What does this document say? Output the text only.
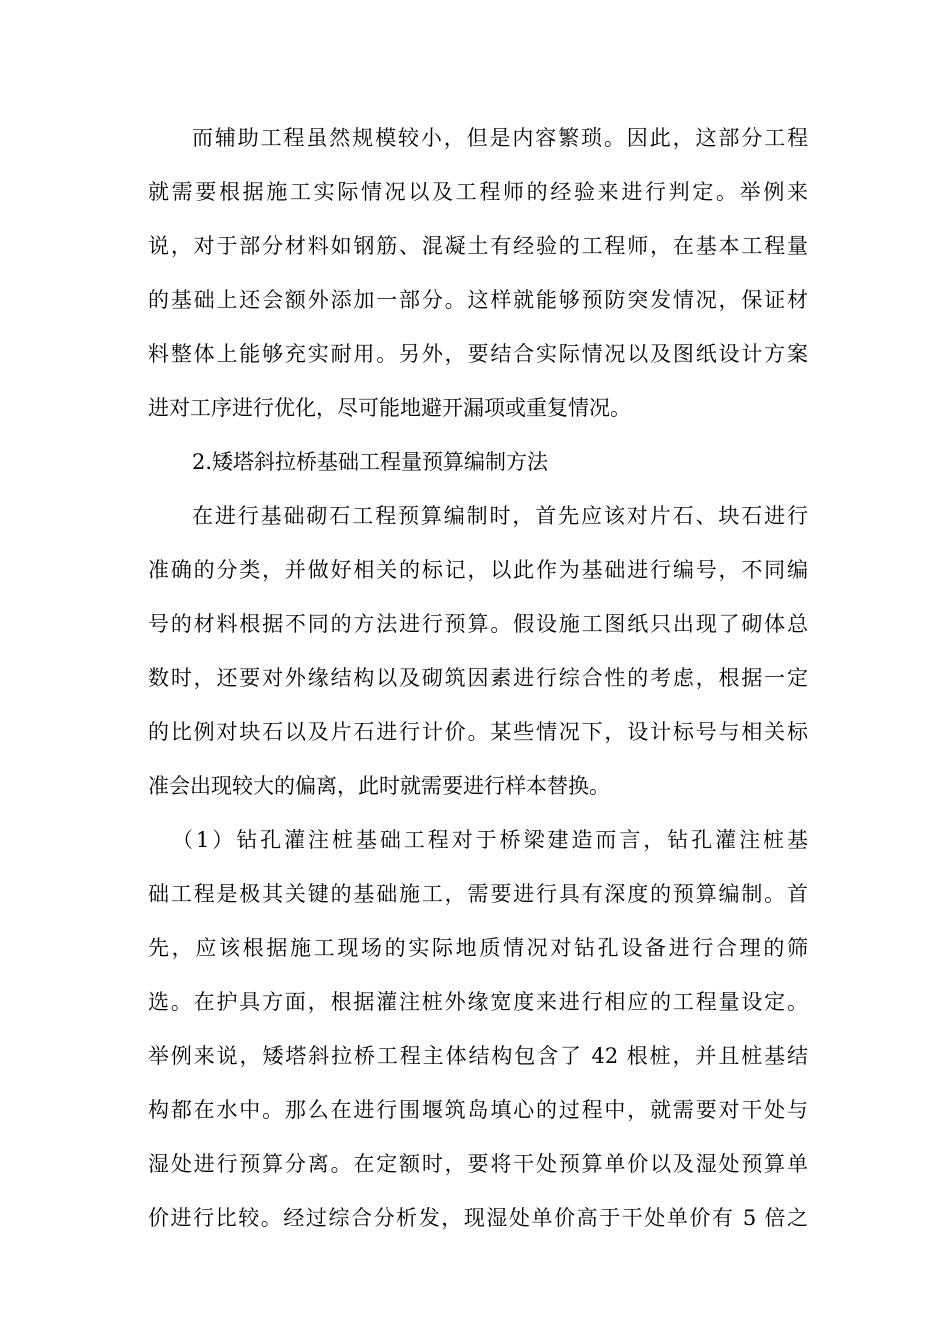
而辅助工程虽然规模较小，但是内容繁琐。因此，这部分工程
就需要根据施工实际情况以及工程师的经验来进行判定。举例来
说，对于部分材料如钢筋、混凝土有经验的工程师，在基本工程量
的基础上还会额外添加一部分。这样就能够预防突发情况，保证材
料整体上能够充实耐用。另外，要结合实际情况以及图纸设计方案
进对工序进行优化，尽可能地避开漏项或重复情况。
2.矮塔斜拉桥基础工程量预算编制方法
在进行基础砌石工程预算编制时，首先应该对片石、块石进行
准确的分类，并做好相关的标记，以此作为基础进行编号，不同编
号的材料根据不同的方法进行预算。假设施工图纸只出现了砌体总
数时，还要对外缘结构以及砌筑因素进行综合性的考虑，根据一定
的比例对块石以及片石进行计价。某些情况下，设计标号与相关标
准会出现较大的偏离，此时就需要进行样本替换。
（1）钻孔灌注桩基础工程对于桥梁建造而言，钻孔灌注桩基
础工程是极其关键的基础施工，需要进行具有深度的预算编制。首
先，应该根据施工现场的实际地质情况对钻孔设备进行合理的筛
选。在护具方面，根据灌注桩外缘宽度来进行相应的工程量设定。
举例来说，矮塔斜拉桥工程主体结构包含了 42 根桩，并且桩基结
构都在水中。那么在进行围堰筑岛填心的过程中，就需要对干处与
湿处进行预算分离。在定额时，要将干处预算单价以及湿处预算单
价进行比较。经过综合分析发，现湿处单价高于干处单价有 5 倍之
